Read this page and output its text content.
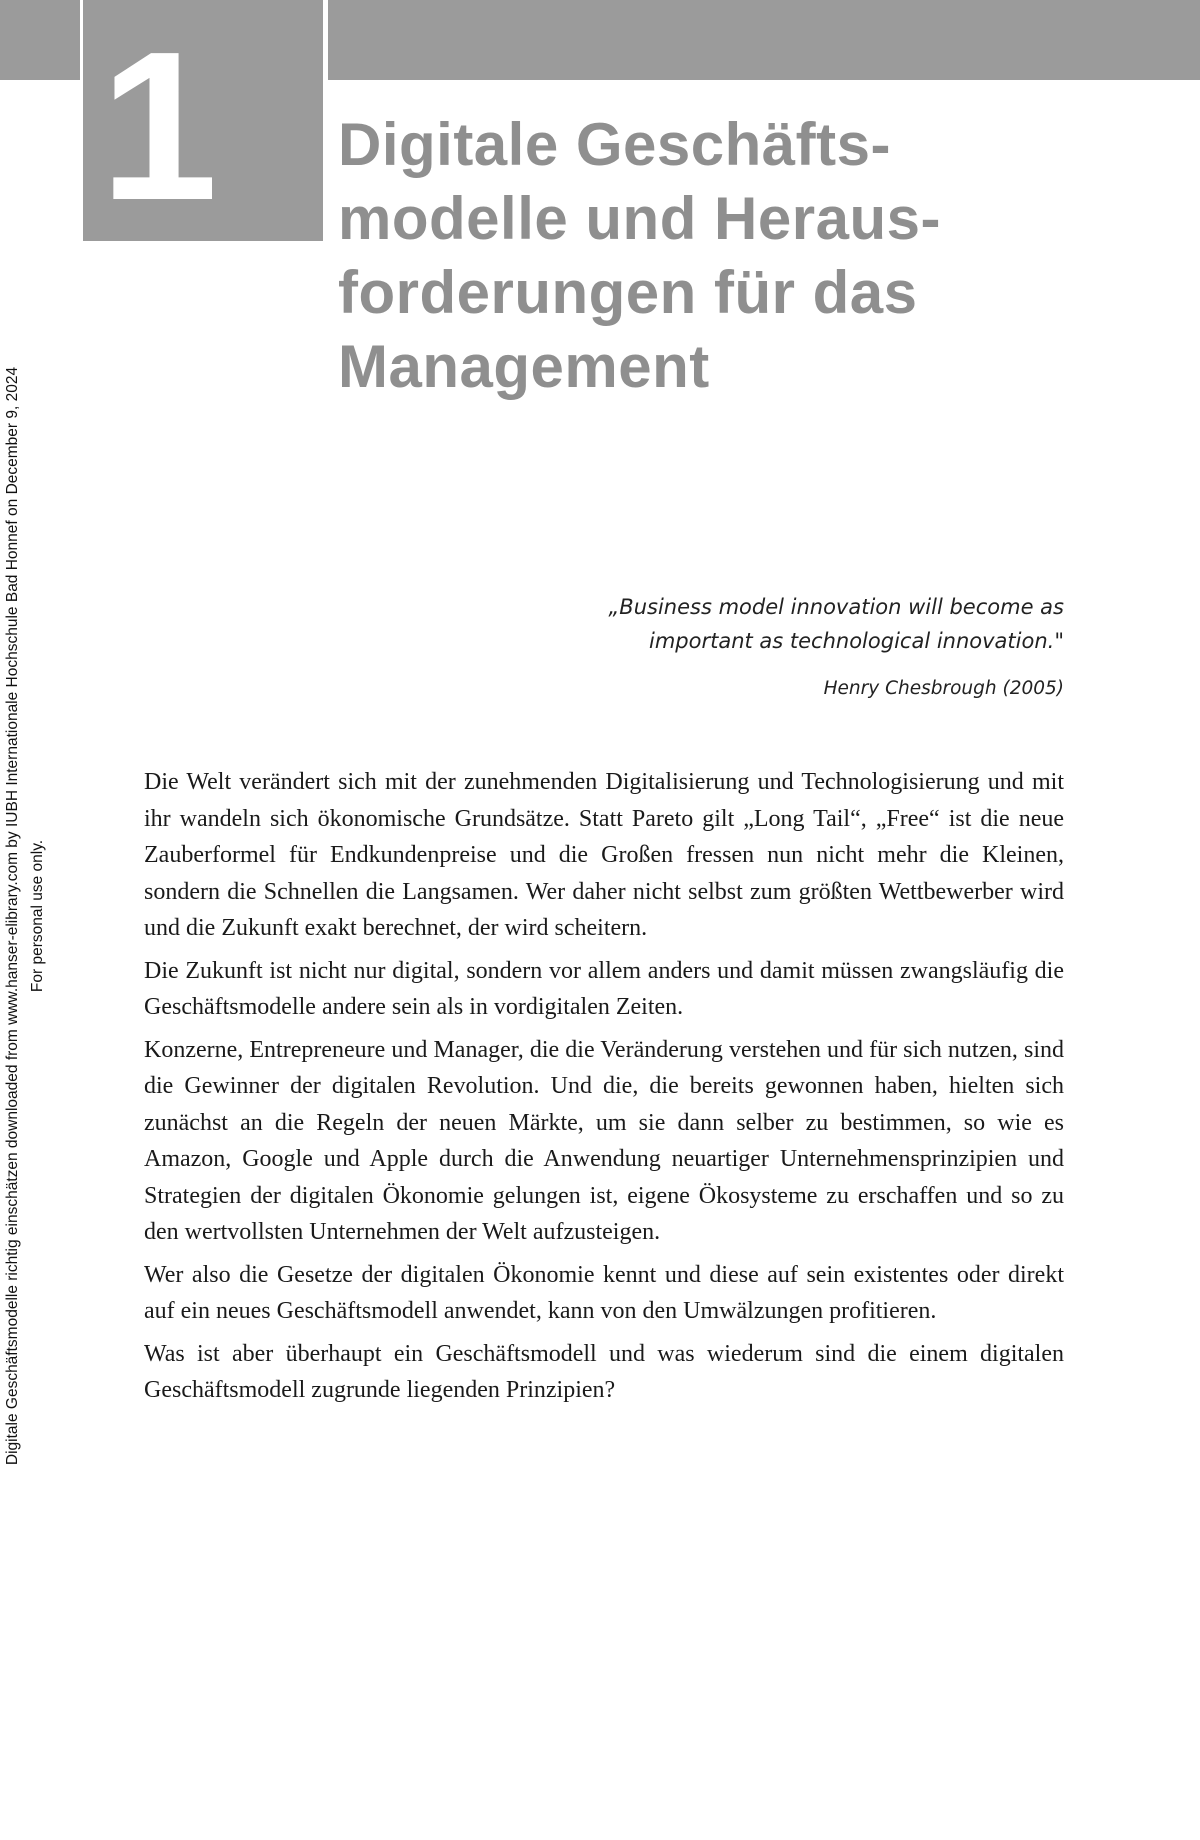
1 Digitale Geschäfts-
modelle und Heraus-
forderungen für das
Management

„Business model innovation will become as
important as technological innovation."

Henry Chesbrough (2005)

Die Welt verändert sich mit der zunehmenden Digitalisierung und Technologisierung und mit ihr wandeln sich ökonomische Grundsätze. Statt Pareto gilt „Long Tail“, „Free“ ist die neue Zauberformel für Endkundenpreise und die Großen fressen nun nicht mehr die Kleinen, sondern die Schnellen die Langsamen. Wer daher nicht selbst zum größten Wettbewerber wird und die Zukunft exakt berechnet, der wird scheitern.

Die Zukunft ist nicht nur digital, sondern vor allem anders und damit müssen zwangsläufig die Geschäftsmodelle andere sein als in vordigitalen Zeiten.

Konzerne, Entrepreneure und Manager, die die Veränderung verstehen und für sich nutzen, sind die Gewinner der digitalen Revolution. Und die, die bereits gewonnen haben, hielten sich zunächst an die Regeln der neuen Märkte, um sie dann selber zu bestimmen, so wie es Amazon, Google und Apple durch die Anwendung neuartiger Unternehmensprinzipien und Strategien der digitalen Ökonomie gelungen ist, eigene Ökosysteme zu erschaffen und so zu den wertvollsten Unternehmen der Welt aufzusteigen.

Wer also die Gesetze der digitalen Ökonomie kennt und diese auf sein existentes oder direkt auf ein neues Geschäftsmodell anwendet, kann von den Umwälzungen profitieren.

Was ist aber überhaupt ein Geschäftsmodell und was wiederum sind die einem digitalen Geschäftsmodell zugrunde liegenden Prinzipien?

Digitale Geschäftsmodelle richtig einschätzen downloaded from www.hanser-elibrary.com by IUBH Internationale Hochschule Bad Honnef on December 9, 2024 For personal use only.
